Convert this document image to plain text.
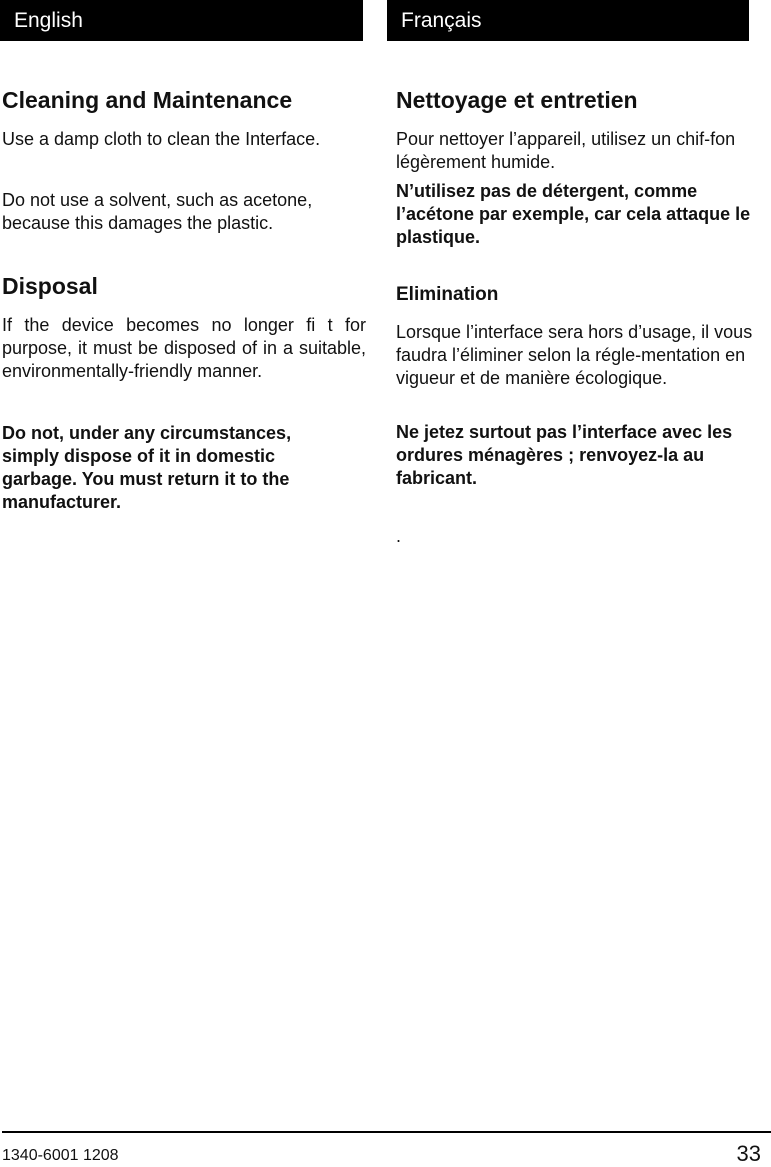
English	Français
Cleaning and Maintenance

Use a damp cloth to clean the Interface.

Do not use a solvent, such as acetone, because this damages the plastic.

Disposal

If the device becomes no longer fi t for purpose, it must be disposed of in a suitable, environmentally-friendly manner.

Do not, under any circumstances, simply dispose of it in domestic garbage. You must return it to the manufacturer.

Nettoyage et entretien

Pour nettoyer l’appareil, utilisez un chif-fon légèrement humide.

N’utilisez pas de détergent, comme l’acétone par exemple, car cela attaque le plastique.

Elimination

Lorsque l’interface sera hors d’usage, il vous faudra l’éliminer selon la régle-mentation en vigueur et de manière écologique.

Ne jetez surtout pas l’interface avec les ordures ménagères ; renvoyez-la au fabricant.

.

1340-6001 1208	33
